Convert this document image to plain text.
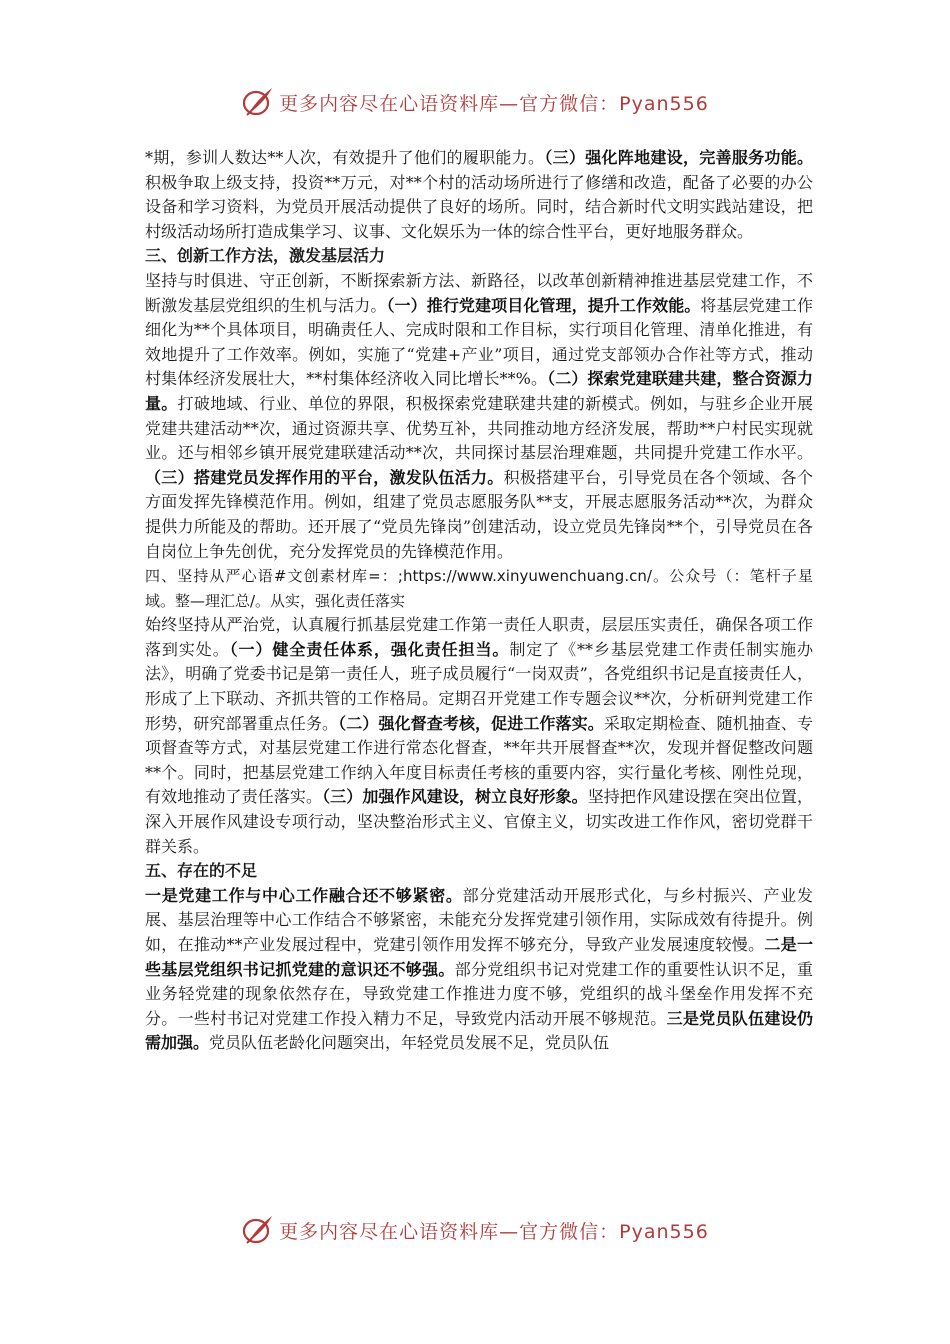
更多内容尽在心语资料库—官方微信：Pyan556

*期，参训人数达**人次，有效提升了他们的履职能力。（三）强化阵地建设，完善服务功能。积极争取上级支持，投资**万元，对**个村的活动场所进行了修缮和改造，配备了必要的办公设备和学习资料，为党员开展活动提供了良好的场所。同时，结合新时代文明实践站建设，把村级活动场所打造成集学习、议事、文化娱乐为一体的综合性平台，更好地服务群众。

三、创新工作方法，激发基层活力

坚持与时俱进、守正创新，不断探索新方法、新路径，以改革创新精神推进基层党建工作，不断激发基层党组织的生机与活力。（一）推行党建项目化管理，提升工作效能。将基层党建工作细化为**个具体项目，明确责任人、完成时限和工作目标，实行项目化管理、清单化推进，有效地提升了工作效率。例如，实施了“党建+产业”项目，通过党支部领办合作社等方式，推动村集体经济发展壮大，**村集体经济收入同比增长**%。（二）探索党建联建共建，整合资源力量。打破地域、行业、单位的界限，积极探索党建联建共建的新模式。例如，与驻乡企业开展党建共建活动**次，通过资源共享、优势互补，共同推动地方经济发展，帮助**户村民实现就业。还与相邻乡镇开展党建联建活动**次，共同探讨基层治理难题，共同提升党建工作水平。（三）搭建党员发挥作用的平台，激发队伍活力。积极搭建平台，引导党员在各个领域、各个方面发挥先锋模范作用。例如，组建了党员志愿服务队**支，开展志愿服务活动**次，为群众提供力所能及的帮助。还开展了“党员先锋岗”创建活动，设立党员先锋岗**个，引导党员在各自岗位上争先创优，充分发挥党员的先锋模范作用。

四、坚持从严心语#文创素材库=：;https://www.xinyuwenchuang.cn/。公众号（：笔杆子星域。整—理汇总/。从实，强化责任落实

始终坚持从严治党，认真履行抓基层党建工作第一责任人职责，层层压实责任，确保各项工作落到实处。（一）健全责任体系，强化责任担当。制定了《**乡基层党建工作责任制实施办法》，明确了党委书记是第一责任人，班子成员履行“一岗双责”，各党组织书记是直接责任人，形成了上下联动、齐抓共管的工作格局。定期召开党建工作专题会议**次，分析研判党建工作形势，研究部署重点任务。（二）强化督查考核，促进工作落实。采取定期检查、随机抽查、专项督查等方式，对基层党建工作进行常态化督查，**年共开展督查**次，发现并督促整改问题**个。同时，把基层党建工作纳入年度目标责任考核的重要内容，实行量化考核、刚性兑现，有效地推动了责任落实。（三）加强作风建设，树立良好形象。坚持把作风建设摆在突出位置，深入开展作风建设专项行动，坚决整治形式主义、官僚主义，切实改进工作作风，密切党群干群关系。

五、存在的不足

一是党建工作与中心工作融合还不够紧密。部分党建活动开展形式化，与乡村振兴、产业发展、基层治理等中心工作结合不够紧密，未能充分发挥党建引领作用，实际成效有待提升。例如，在推动**产业发展过程中，党建引领作用发挥不够充分，导致产业发展速度较慢。二是一些基层党组织书记抓党建的意识还不够强。部分党组织书记对党建工作的重要性认识不足，重业务轻党建的现象依然存在，导致党建工作推进力度不够，党组织的战斗堡垒作用发挥不充分。一些村书记对党建工作投入精力不足，导致党内活动开展不够规范。三是党员队伍建设仍需加强。党员队伍老龄化问题突出，年轻党员发展不足，党员队伍

更多内容尽在心语资料库—官方微信：Pyan556
